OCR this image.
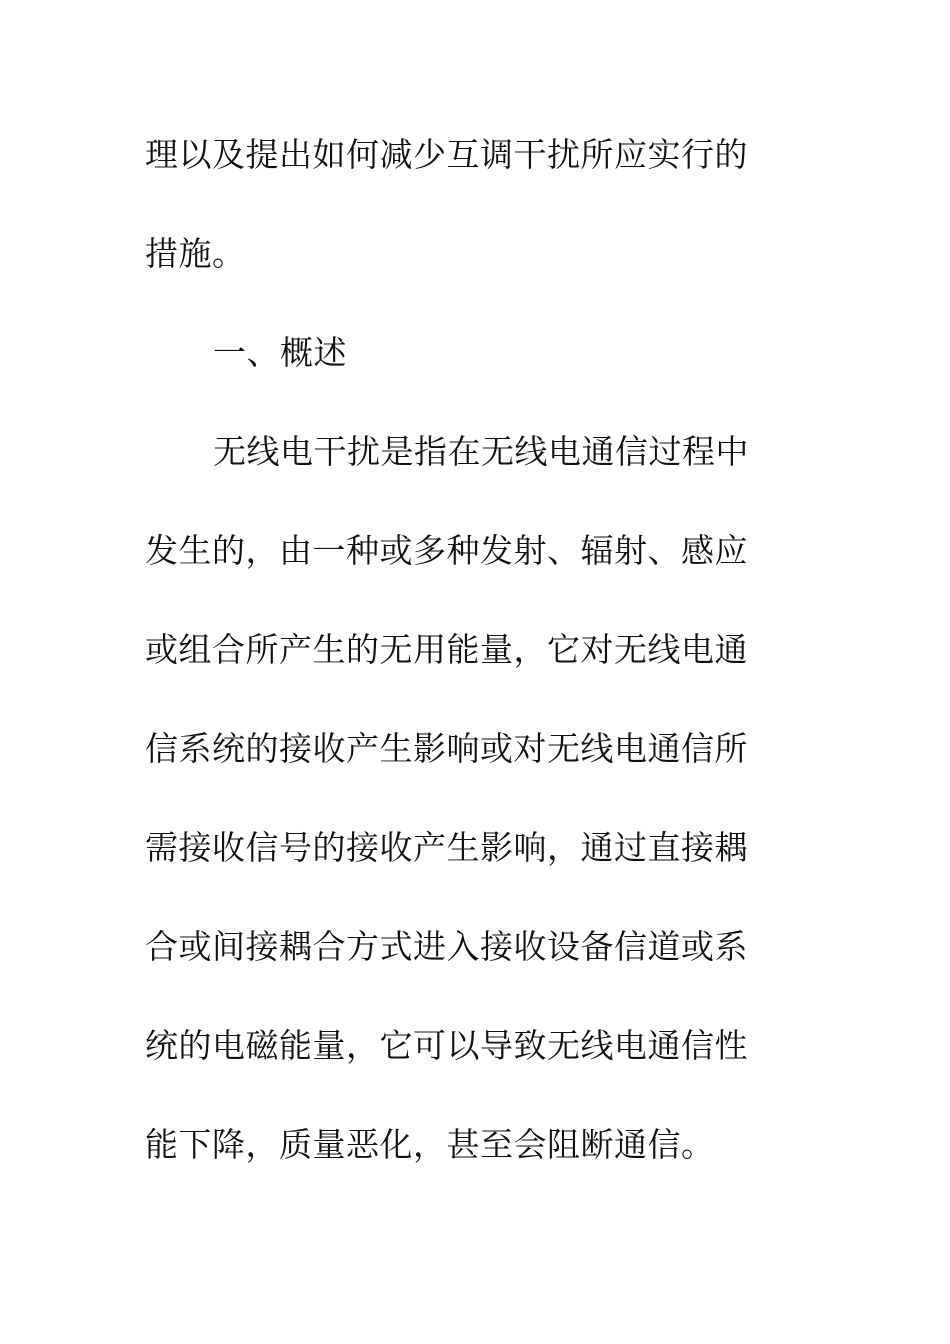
理以及提出如何减少互调干扰所应实行的
措施。
一、概述
无线电干扰是指在无线电通信过程中
发生的，由一种或多种发射、辐射、感应
或组合所产生的无用能量，它对无线电通
信系统的接收产生影响或对无线电通信所
需接收信号的接收产生影响，通过直接耦
合或间接耦合方式进入接收设备信道或系
统的电磁能量，它可以导致无线电通信性
能下降，质量恶化，甚至会阻断通信。
